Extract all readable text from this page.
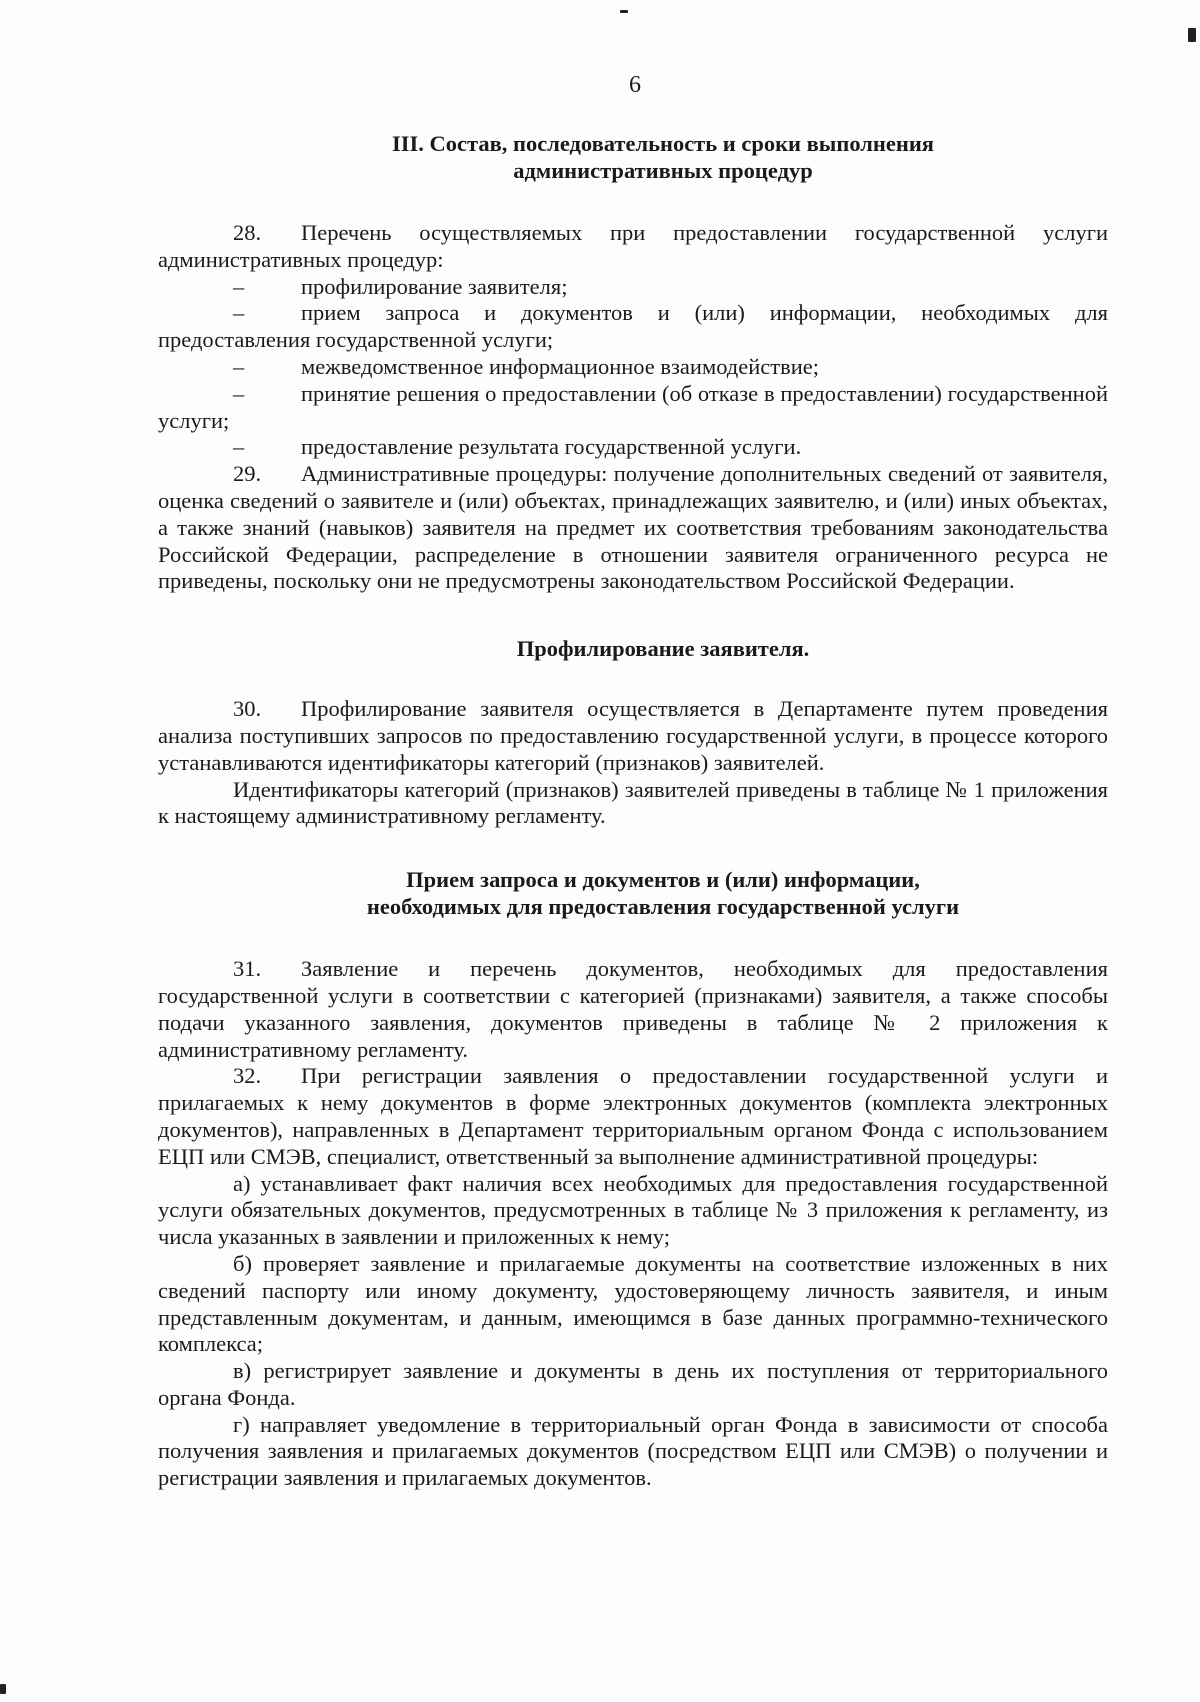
6
III. Состав, последовательность и сроки выполнения
административных процедур

28. Перечень осуществляемых при предоставлении государственной услуги административных процедур:

–	профилирование заявителя;

–	прием запроса и документов и (или) информации, необходимых для предоставления государственной услуги;

–	межведомственное информационное взаимодействие;

–	принятие решения о предоставлении (об отказе в предоставлении) государственной услуги;

–	предоставление результата государственной услуги.

29. Административные процедуры: получение дополнительных сведений от заявителя, оценка сведений о заявителе и (или) объектах, принадлежащих заявителю, и (или) иных объектах, а также знаний (навыков) заявителя на предмет их соответствия требованиям законодательства Российской Федерации, распределение в отношении заявителя ограниченного ресурса не приведены, поскольку они не предусмотрены законодательством Российской Федерации.

Профилирование заявителя.

30. Профилирование заявителя осуществляется в Департаменте путем проведения анализа поступивших запросов по предоставлению государственной услуги, в процессе которого устанавливаются идентификаторы категорий (признаков) заявителей.

Идентификаторы категорий (признаков) заявителей приведены в таблице № 1 приложения к настоящему административному регламенту.

Прием запроса и документов и (или) информации,
необходимых для предоставления государственной услуги

31. Заявление и перечень документов, необходимых для предоставления государственной услуги в соответствии с категорией (признаками) заявителя, а также способы подачи указанного заявления, документов приведены в таблице № 2 приложения к административному регламенту.

32. При регистрации заявления о предоставлении государственной услуги и прилагаемых к нему документов в форме электронных документов (комплекта электронных документов), направленных в Департамент территориальным органом Фонда с использованием ЕЦП или СМЭВ, специалист, ответственный за выполнение административной процедуры:

а) устанавливает факт наличия всех необходимых для предоставления государственной услуги обязательных документов, предусмотренных в таблице № 3 приложения к регламенту, из числа указанных в заявлении и приложенных к нему;

б) проверяет заявление и прилагаемые документы на соответствие изложенных в них сведений паспорту или иному документу, удостоверяющему личность заявителя, и иным представленным документам, и данным, имеющимся в базе данных программно-технического комплекса;

в) регистрирует заявление и документы в день их поступления от территориального органа Фонда.

г) направляет уведомление в территориальный орган Фонда в зависимости от способа получения заявления и прилагаемых документов (посредством ЕЦП или СМЭВ) о получении и регистрации заявления и прилагаемых документов.
